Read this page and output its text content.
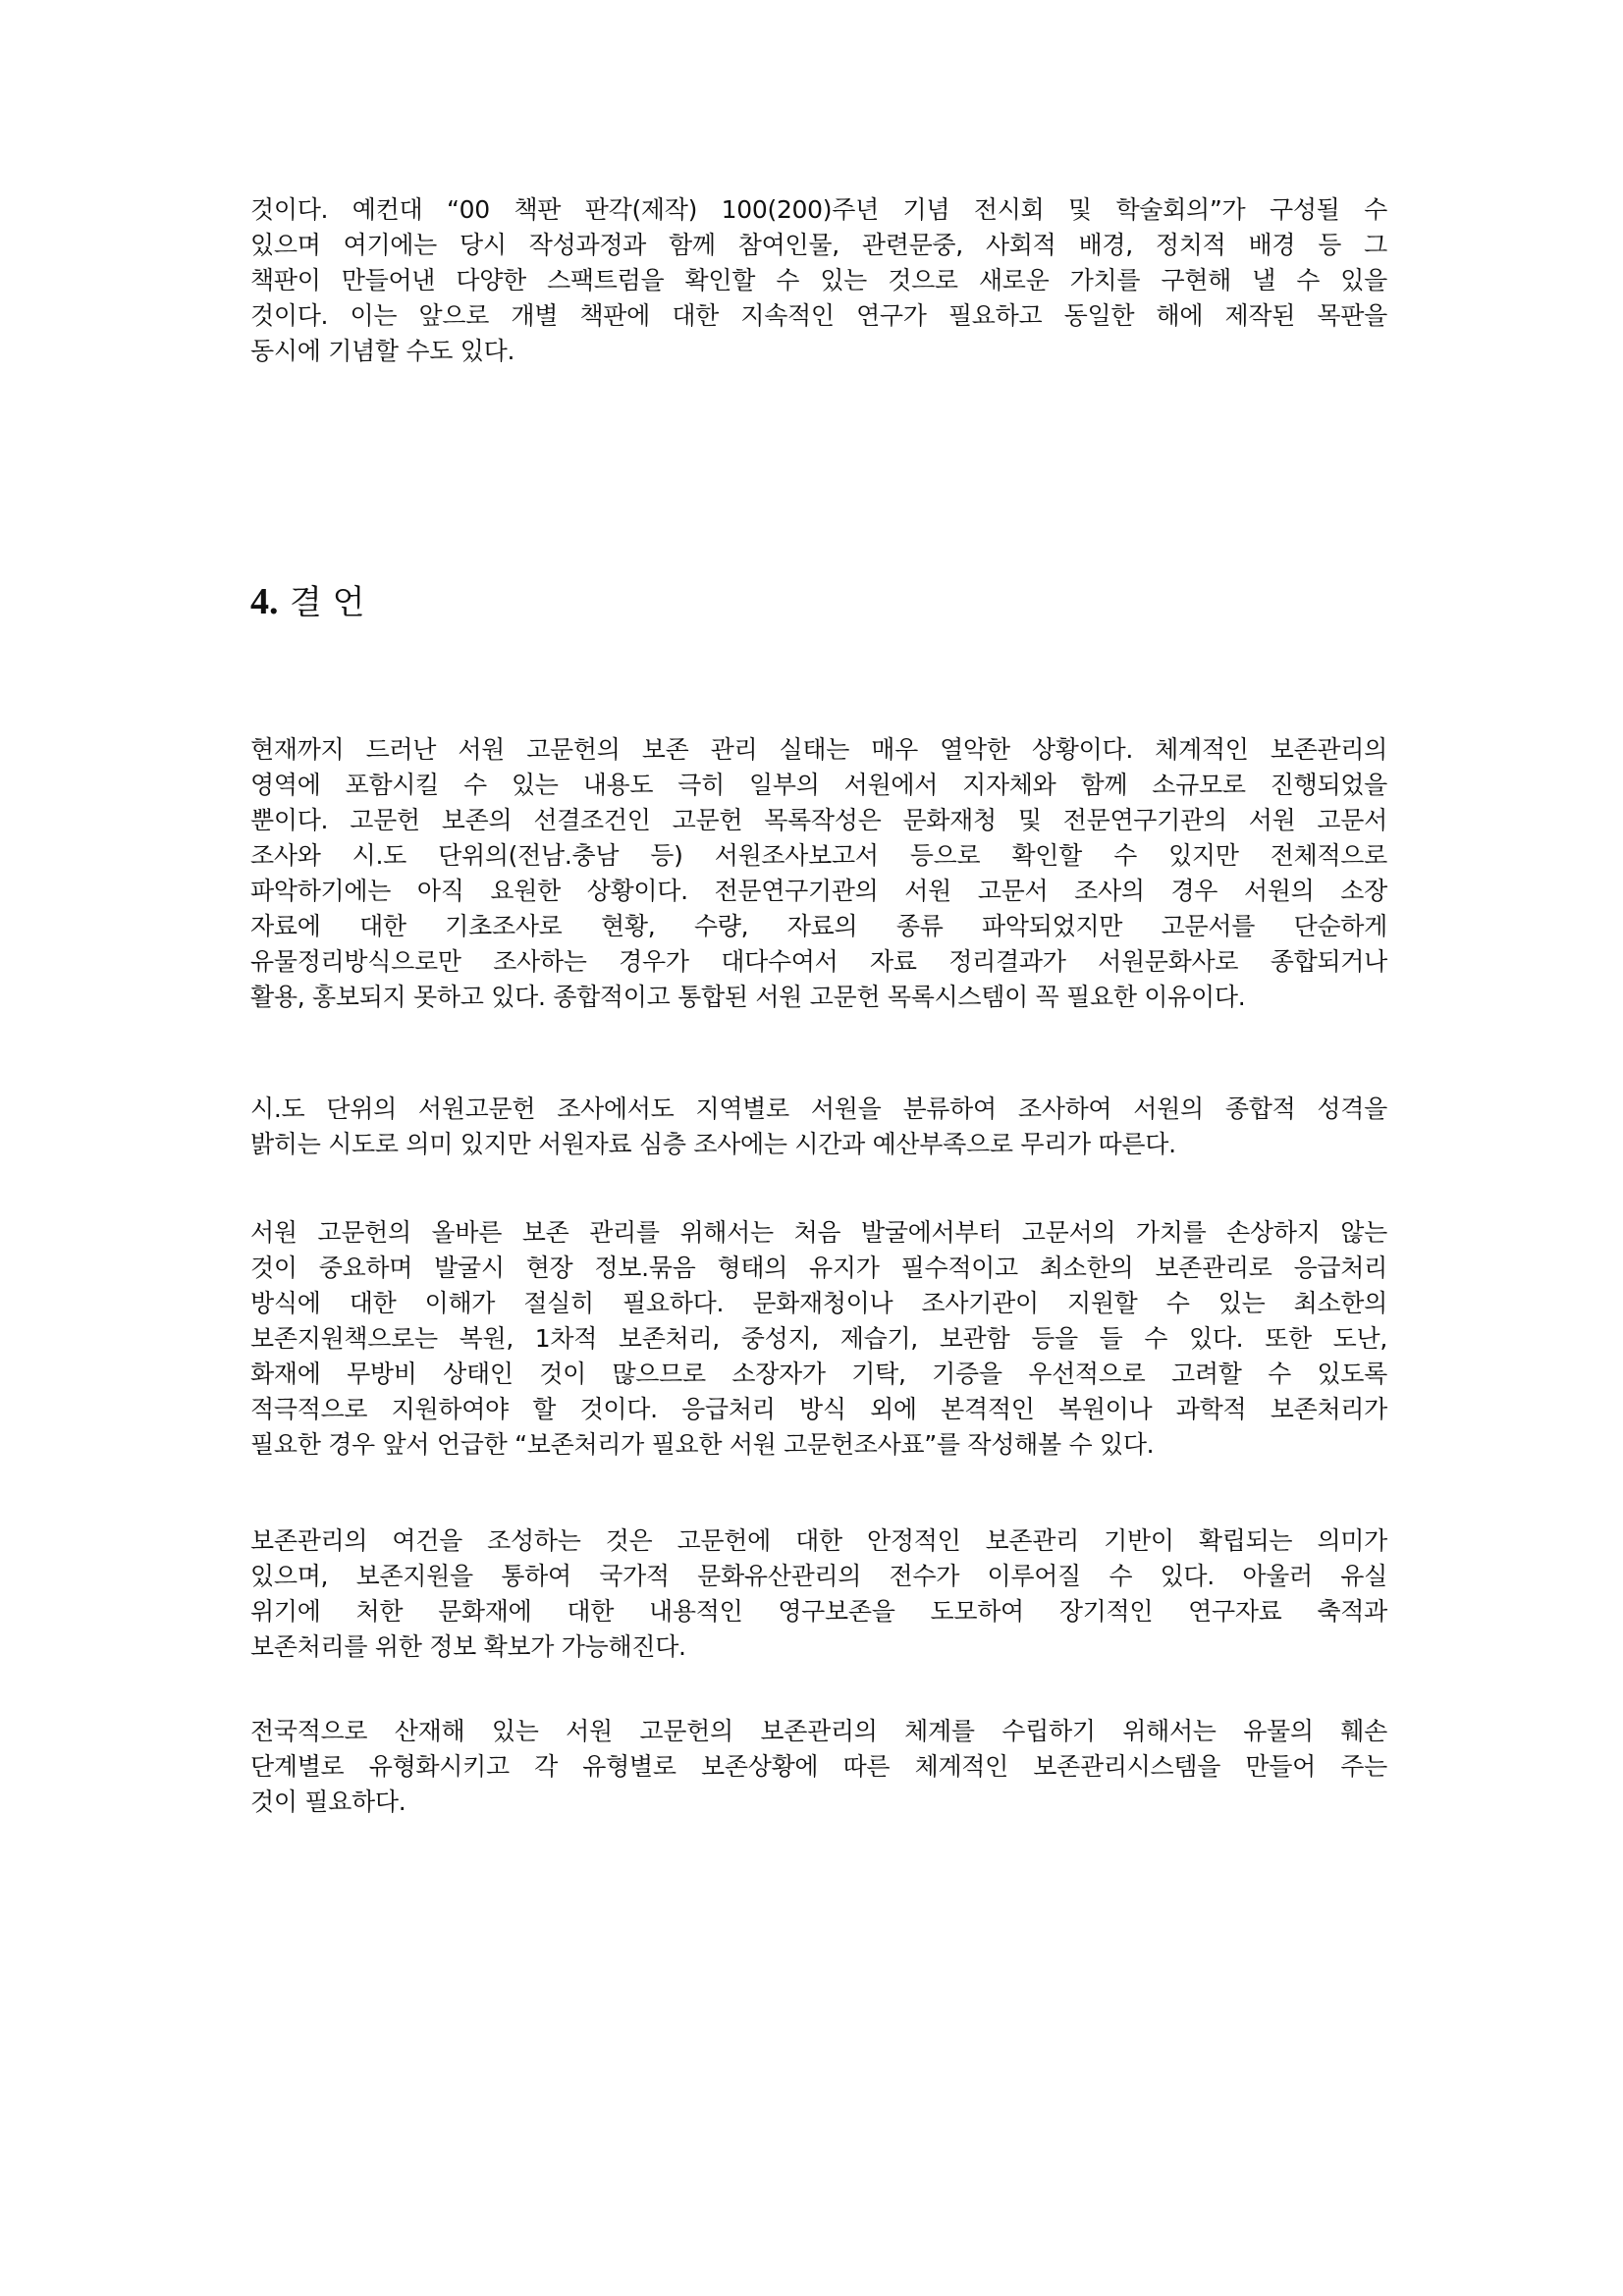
것이다. 예컨대 “00 책판 판각(제작) 100(200)주년 기념 전시회 및 학술회의”가 구성될 수
있으며 여기에는 당시 작성과정과 함께 참여인물, 관련문중, 사회적 배경, 정치적 배경 등 그
책판이 만들어낸 다양한 스팩트럼을 확인할 수 있는 것으로 새로운 가치를 구현해 낼 수 있을
것이다. 이는 앞으로 개별 책판에 대한 지속적인 연구가 필요하고 동일한 해에 제작된 목판을
동시에 기념할 수도 있다.
4. 결 언
현재까지 드러난 서원 고문헌의 보존 관리 실태는 매우 열악한 상황이다. 체계적인 보존관리의
영역에 포함시킬 수 있는 내용도 극히 일부의 서원에서 지자체와 함께 소규모로 진행되었을
뿐이다. 고문헌 보존의 선결조건인 고문헌 목록작성은 문화재청 및 전문연구기관의 서원 고문서
조사와 시.도 단위의(전남.충남 등) 서원조사보고서 등으로 확인할 수 있지만 전체적으로
파악하기에는 아직 요원한 상황이다. 전문연구기관의 서원 고문서 조사의 경우 서원의 소장
자료에 대한 기초조사로 현황, 수량, 자료의 종류 파악되었지만 고문서를 단순하게
유물정리방식으로만 조사하는 경우가 대다수여서 자료 정리결과가 서원문화사로 종합되거나
활용, 홍보되지 못하고 있다. 종합적이고 통합된 서원 고문헌 목록시스템이 꼭 필요한 이유이다.
시.도 단위의 서원고문헌 조사에서도 지역별로 서원을 분류하여 조사하여 서원의 종합적 성격을
밝히는 시도로 의미 있지만 서원자료 심층 조사에는 시간과 예산부족으로 무리가 따른다.
서원 고문헌의 올바른 보존 관리를 위해서는 처음 발굴에서부터 고문서의 가치를 손상하지 않는
것이 중요하며 발굴시 현장 정보.묶음 형태의 유지가 필수적이고 최소한의 보존관리로 응급처리
방식에 대한 이해가 절실히 필요하다. 문화재청이나 조사기관이 지원할 수 있는 최소한의
보존지원책으로는 복원, 1차적 보존처리, 중성지, 제습기, 보관함 등을 들 수 있다. 또한 도난,
화재에 무방비 상태인 것이 많으므로 소장자가 기탁, 기증을 우선적으로 고려할 수 있도록
적극적으로 지원하여야 할 것이다. 응급처리 방식 외에 본격적인 복원이나 과학적 보존처리가
필요한 경우 앞서 언급한 “보존처리가 필요한 서원 고문헌조사표”를 작성해볼 수 있다.
보존관리의 여건을 조성하는 것은 고문헌에 대한 안정적인 보존관리 기반이 확립되는 의미가
있으며, 보존지원을 통하여 국가적 문화유산관리의 전수가 이루어질 수 있다. 아울러 유실
위기에 처한 문화재에 대한 내용적인 영구보존을 도모하여 장기적인 연구자료 축적과
보존처리를 위한 정보 확보가 가능해진다.
전국적으로 산재해 있는 서원 고문헌의 보존관리의 체계를 수립하기 위해서는 유물의 훼손
단계별로 유형화시키고 각 유형별로 보존상황에 따른 체계적인 보존관리시스템을 만들어 주는
것이 필요하다.
